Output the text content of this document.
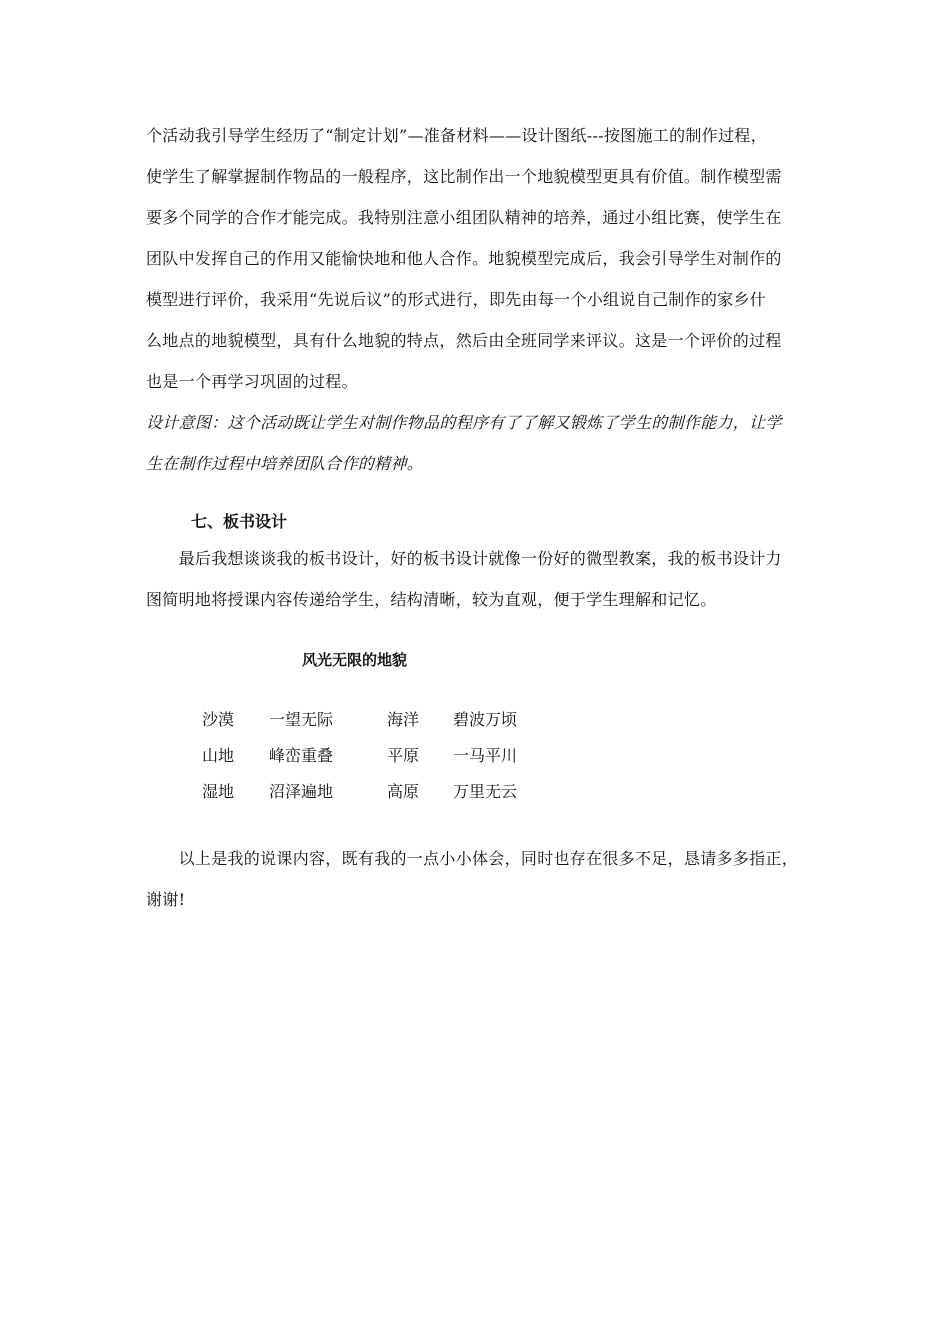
个活动我引导学生经历了“制定计划”—准备材料——设计图纸---按图施工的制作过程，
使学生了解掌握制作物品的一般程序，这比制作出一个地貌模型更具有价值。制作模型需
要多个同学的合作才能完成。我特别注意小组团队精神的培养，通过小组比赛，使学生在
团队中发挥自己的作用又能愉快地和他人合作。地貌模型完成后，我会引导学生对制作的
模型进行评价，我采用“先说后议”的形式进行，即先由每一个小组说自己制作的家乡什
么地点的地貌模型，具有什么地貌的特点，然后由全班同学来评议。这是一个评价的过程
也是一个再学习巩固的过程。
设计意图：这个活动既让学生对制作物品的程序有了了解又锻炼了学生的制作能力，让学
生在制作过程中培养团队合作的精神。
七、板书设计
　　最后我想谈谈我的板书设计，好的板书设计就像一份好的微型教案，我的板书设计力
图简明地将授课内容传递给学生，结构清晰，较为直观，便于学生理解和记忆。
风光无限的地貌
沙漠 一望无际	海洋 碧波万顷
山地 峰峦重叠	平原 一马平川
湿地 沼泽遍地	高原 万里无云
　　以上是我的说课内容，既有我的一点小小体会，同时也存在很多不足，恳请多多指正，
谢谢!
